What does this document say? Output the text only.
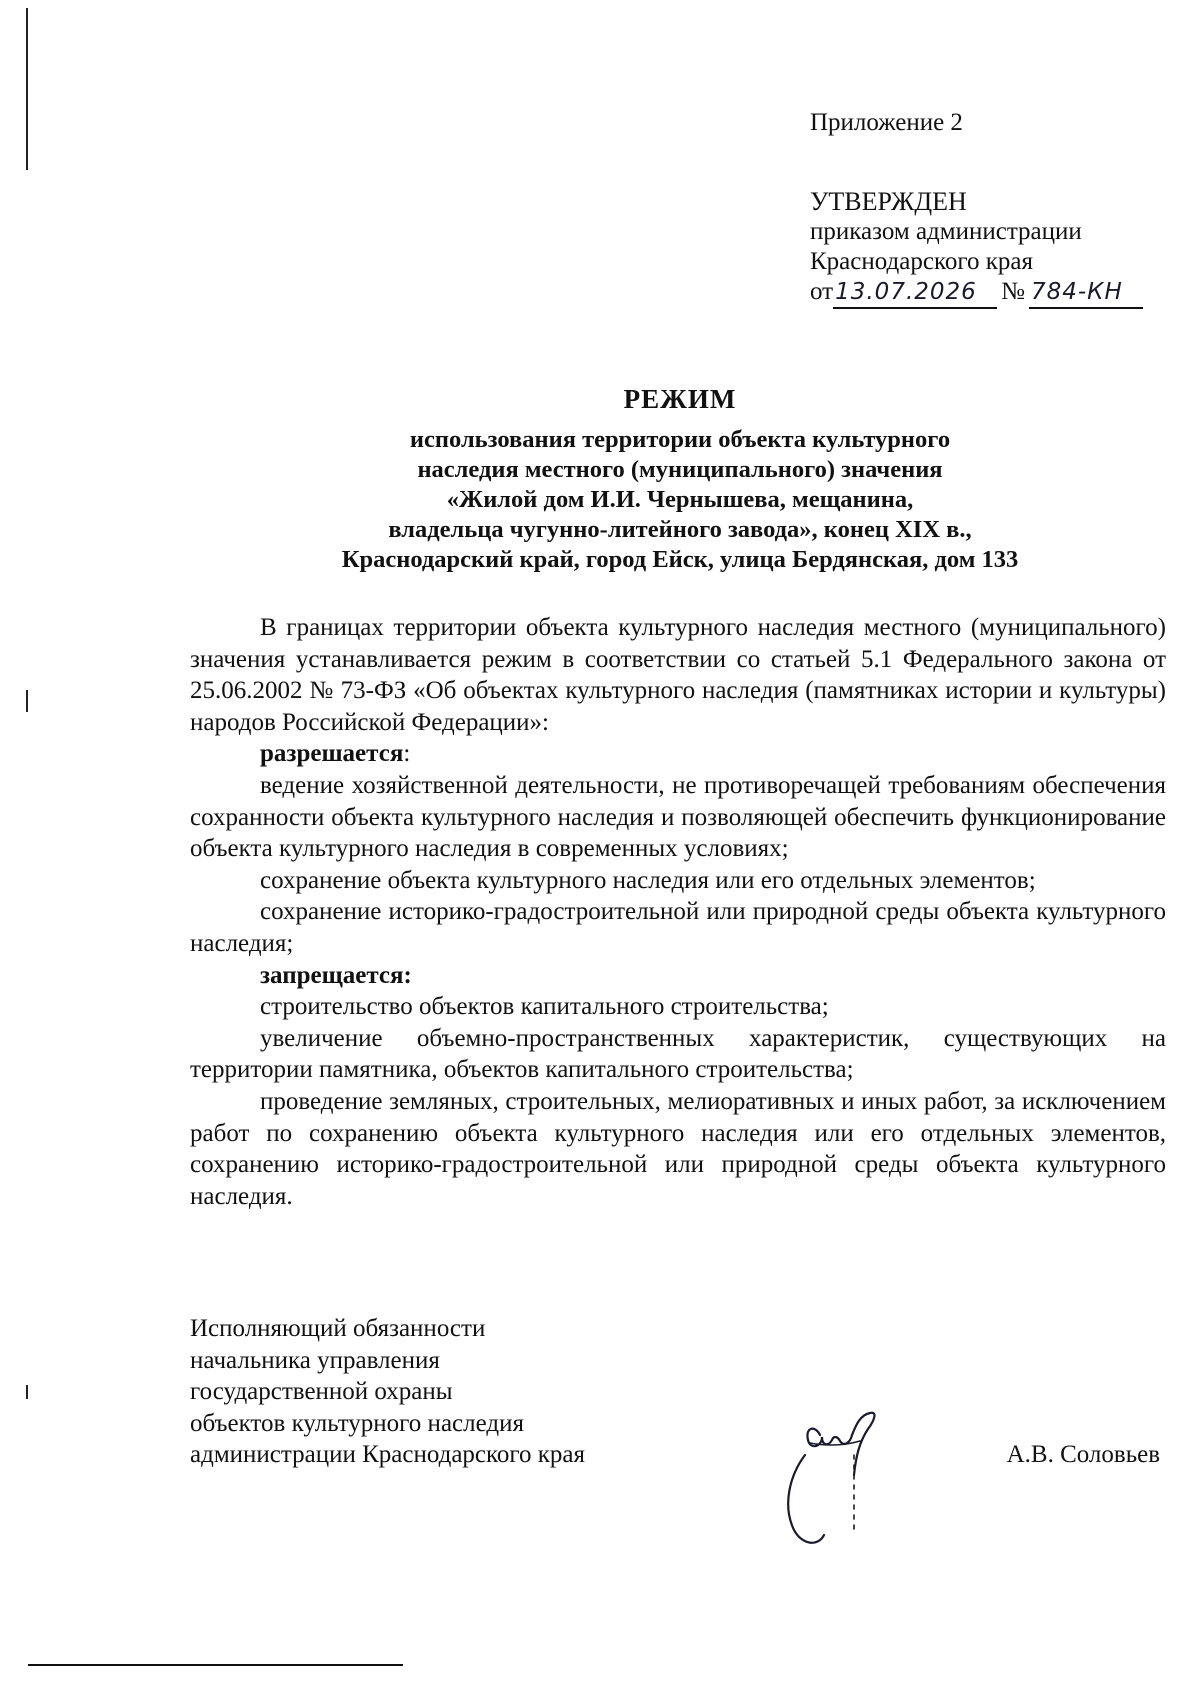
Приложение 2
УТВЕРЖДЕН
приказом администрации
Краснодарского края
от 13.07.2026 № 784-КН
РЕЖИМ
использования территории объекта культурного
наследия местного (муниципального) значения
«Жилой дом И.И. Чернышева, мещанина,
владельца чугунно-литейного завода», конец XIX в.,
Краснодарский край, город Ейск, улица Бердянская, дом 133

В границах территории объекта культурного наследия местного (муниципального) значения устанавливается режим в соответствии со статьей 5.1 Федерального закона от 25.06.2002 № 73-ФЗ «Об объектах культурного наследия (памятниках истории и культуры) народов Российской Федерации»:

разрешается:

ведение хозяйственной деятельности, не противоречащей требованиям обеспечения сохранности объекта культурного наследия и позволяющей обеспечить функционирование объекта культурного наследия в современных условиях;

сохранение объекта культурного наследия или его отдельных элементов;

сохранение историко-градостроительной или природной среды объекта культурного наследия;

запрещается:

строительство объектов капитального строительства;

увеличение объемно-пространственных характеристик, существующих на территории памятника, объектов капитального строительства;

проведение земляных, строительных, мелиоративных и иных работ, за исключением работ по сохранению объекта культурного наследия или его отдельных элементов, сохранению историко-градостроительной или природной среды объекта культурного наследия.

Исполняющий обязанности
начальника управления
государственной охраны
объектов культурного наследия
администрации Краснодарского края	А.В. Соловьев
